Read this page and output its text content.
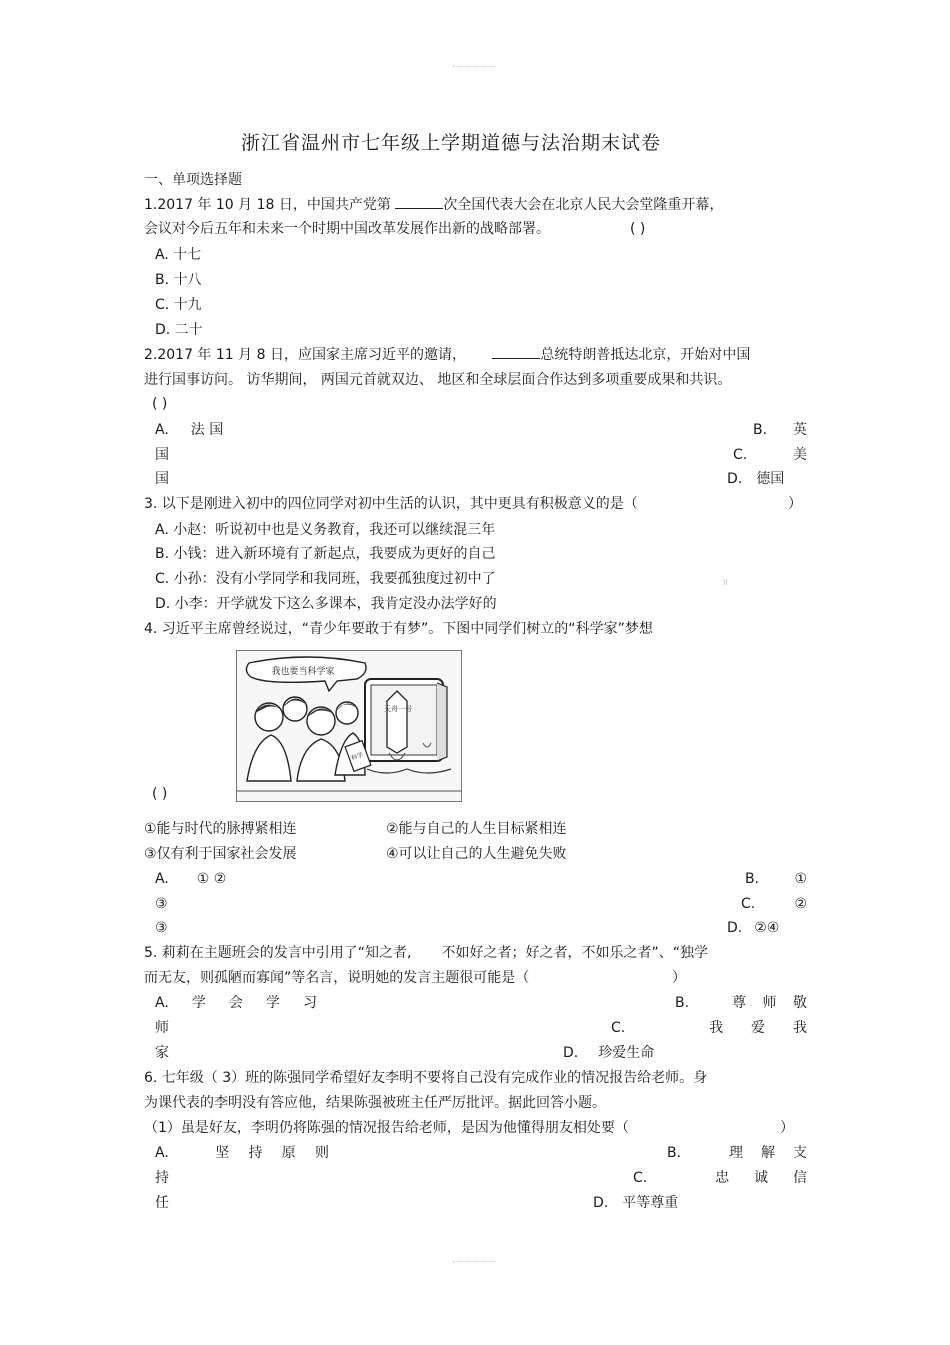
浙江省温州市七年级上学期道德与法治期末试卷
一、单项选择题
1.2017 年 10 月 18 日，中国共产党第	次全国代表大会在北京人民大会堂隆重开幕，
会议对今后五年和未来一个时期中国改革发展作出新的战略部署。	( )
A. 十七
B. 十八
C. 十九
D. 二十
2.2017 年 11 月 8 日，应国家主席习近平的邀请，	总统特朗普抵达北京，开始对中国
进行国事访问。 访华期间， 两国元首就双边、 地区和全球层面合作达到多项重要成果和共识。
( )
A. 法 国	B. 英
国	C.	美
国	D. 德国
3. 以下是刚进入初中的四位同学对初中生活的认识，其中更具有积极意义的是（	）
A. 小赵：听说初中也是义务教育，我还可以继续混三年
B. 小钱：进入新环境有了新起点，我要成为更好的自己
C. 小孙：没有小学同学和我同班，我要孤独度过初中了	ll
D. 小李：开学就发下这么多课本，我肯定没办法学好的
4. 习近平主席曾经说过，“青少年要敢于有梦”。下图中同学们树立的“科学家”梦想
我也要当科学家
天舟一号
科学
( )
①能与时代的脉搏紧相连	②能与自己的人生目标紧相连
③仅有利于国家社会发展	④可以让自己的人生避免失败
A. ① ②	B.	①
③	C.	②
③	D. ②④
5. 莉莉在主题班会的发言中引用了“知之者, 不如好之者；好之者，不如乐之者”、“独学
而无友，则孤陋而寡闻”等名言，说明她的发言主题很可能是（	）
A. 学 会 学 习	B.	尊 师 敬
师	C.	我 爱 我
家	D. 珍爱生命
6. 七年级（ 3）班的陈强同学希望好友李明不要将自己没有完成作业的情况报告给老师。身
为课代表的李明没有答应他，结果陈强被班主任严厉批评。据此回答小题。
（1）虽是好友，李明仍将陈强的情况报告给老师，是因为他懂得朋友相处要（	）
A.	坚 持 原 则	B.	理 解 支
持	C.	忠 诚 信
任	D. 平等尊重
